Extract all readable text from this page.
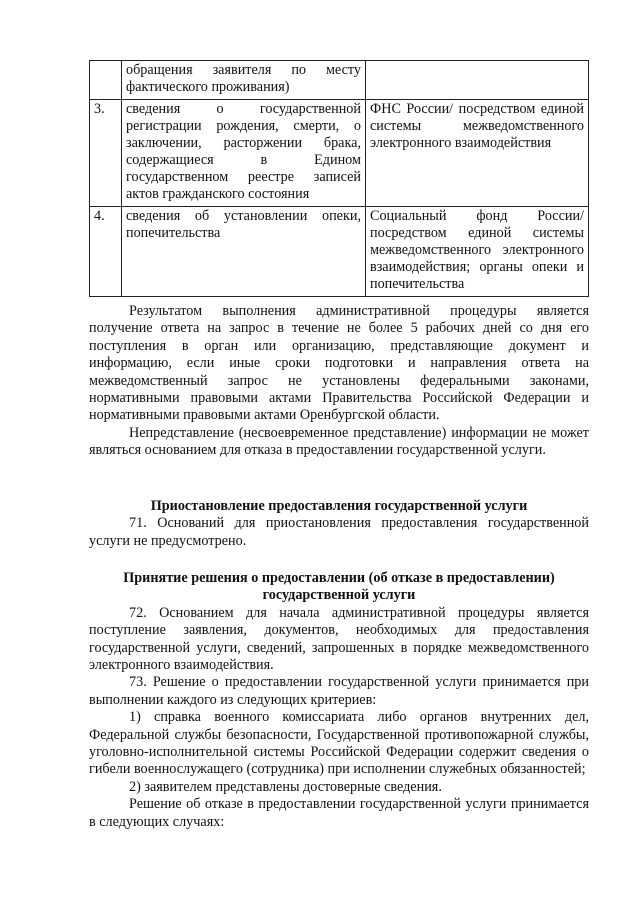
	обращения заявителя по месту фактического проживания)	
3.	сведения о государственной регистрации рождения, смерти, о заключении, расторжении брака, содержащиеся в Едином государственном реестре записей актов гражданского состояния	ФНС России/ посредством единой системы межведомственного электронного взаимодействия
4.	сведения об установлении опеки, попечительства	Социальный фонд России/ посредством единой системы межведомственного электронного взаимодействия; органы опеки и попечительства

Результатом выполнения административной процедуры является получение ответа на запрос в течение не более 5 рабочих дней со дня его поступления в орган или организацию, представляющие документ и информацию, если иные сроки подготовки и направления ответа на межведомственный запрос не установлены федеральными законами, нормативными правовыми актами Правительства Российской Федерации и нормативными правовыми актами Оренбургской области.

Непредставление (несвоевременное представление) информации не может являться основанием для отказа в предоставлении государственной услуги.

Приостановление предоставления государственной услуги

71. Оснований для приостановления предоставления государственной услуги не предусмотрено.

Принятие решения о предоставлении (об отказе в предоставлении)

государственной услуги

72. Основанием для начала административной процедуры является поступление заявления, документов, необходимых для предоставления государственной услуги, сведений, запрошенных в порядке межведомственного электронного взаимодействия.

73. Решение о предоставлении государственной услуги принимается при выполнении каждого из следующих критериев:

1) справка военного комиссариата либо органов внутренних дел, Федеральной службы безопасности, Государственной противопожарной службы, уголовно-исполнительной системы Российской Федерации содержит сведения о гибели военнослужащего (сотрудника) при исполнении служебных обязанностей;

2) заявителем представлены достоверные сведения.

Решение об отказе в предоставлении государственной услуги принимается в следующих случаях:
